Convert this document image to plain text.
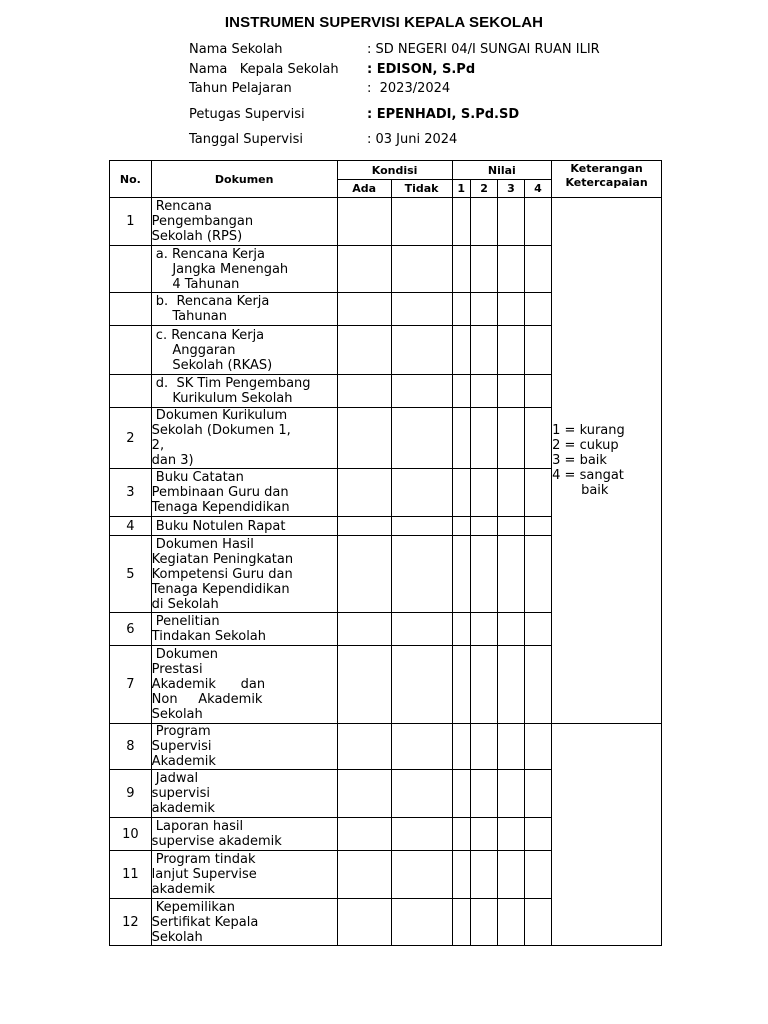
INSTRUMEN SUPERVISI KEPALA SEKOLAH
Nama Sekolah	: SD NEGERI 04/I SUNGAI RUAN ILIR
Nama   Kepala Sekolah : EDISON, S.Pd
Tahun Pelajaran	:  2023/2024
Petugas Supervisi	: EPENHADI, S.Pd.SD
Tanggal Supervisi	: 03 Juni 2024
No.	Dokumen	Kondisi		Nilai				Keterangan
Ketercapaian

		Ada	Tidak	1	2	3	4	
1	Rencana
Pengembangan
Sekolah (RPS)							1 = kurang
2 = cukup
3 = baik
4 = sangat
baik

	a. Rencana Kerja
Jangka Menengah
4 Tahunan							

	b.  Rencana Kerja
Tahunan							

	c. Rencana Kerja
Anggaran
Sekolah (RKAS)							

	d.  SK Tim Pengembang
Kurikulum Sekolah							

2	Dokumen Kurikulum
Sekolah (Dokumen 1,
2,
dan 3)							

3	Buku Catatan
Pembinaan Guru dan
Tenaga Kependidikan							

4	Buku Notulen Rapat							

5	Dokumen Hasil
Kegiatan Peningkatan
Kompetensi Guru dan
Tenaga Kependidikan
di Sekolah							

6	Penelitian
Tindakan Sekolah							

7	Dokumen
Prestasi
Akademik      dan
Non     Akademik
Sekolah							

8	Program
Supervisi
Akademik							

9	Jadwal
supervisi
akademik							

10	Laporan hasil
supervise akademik							

11	Program tindak
lanjut Supervise
akademik							

12	Kepemilikan
Sertifikat Kepala
Sekolah							
